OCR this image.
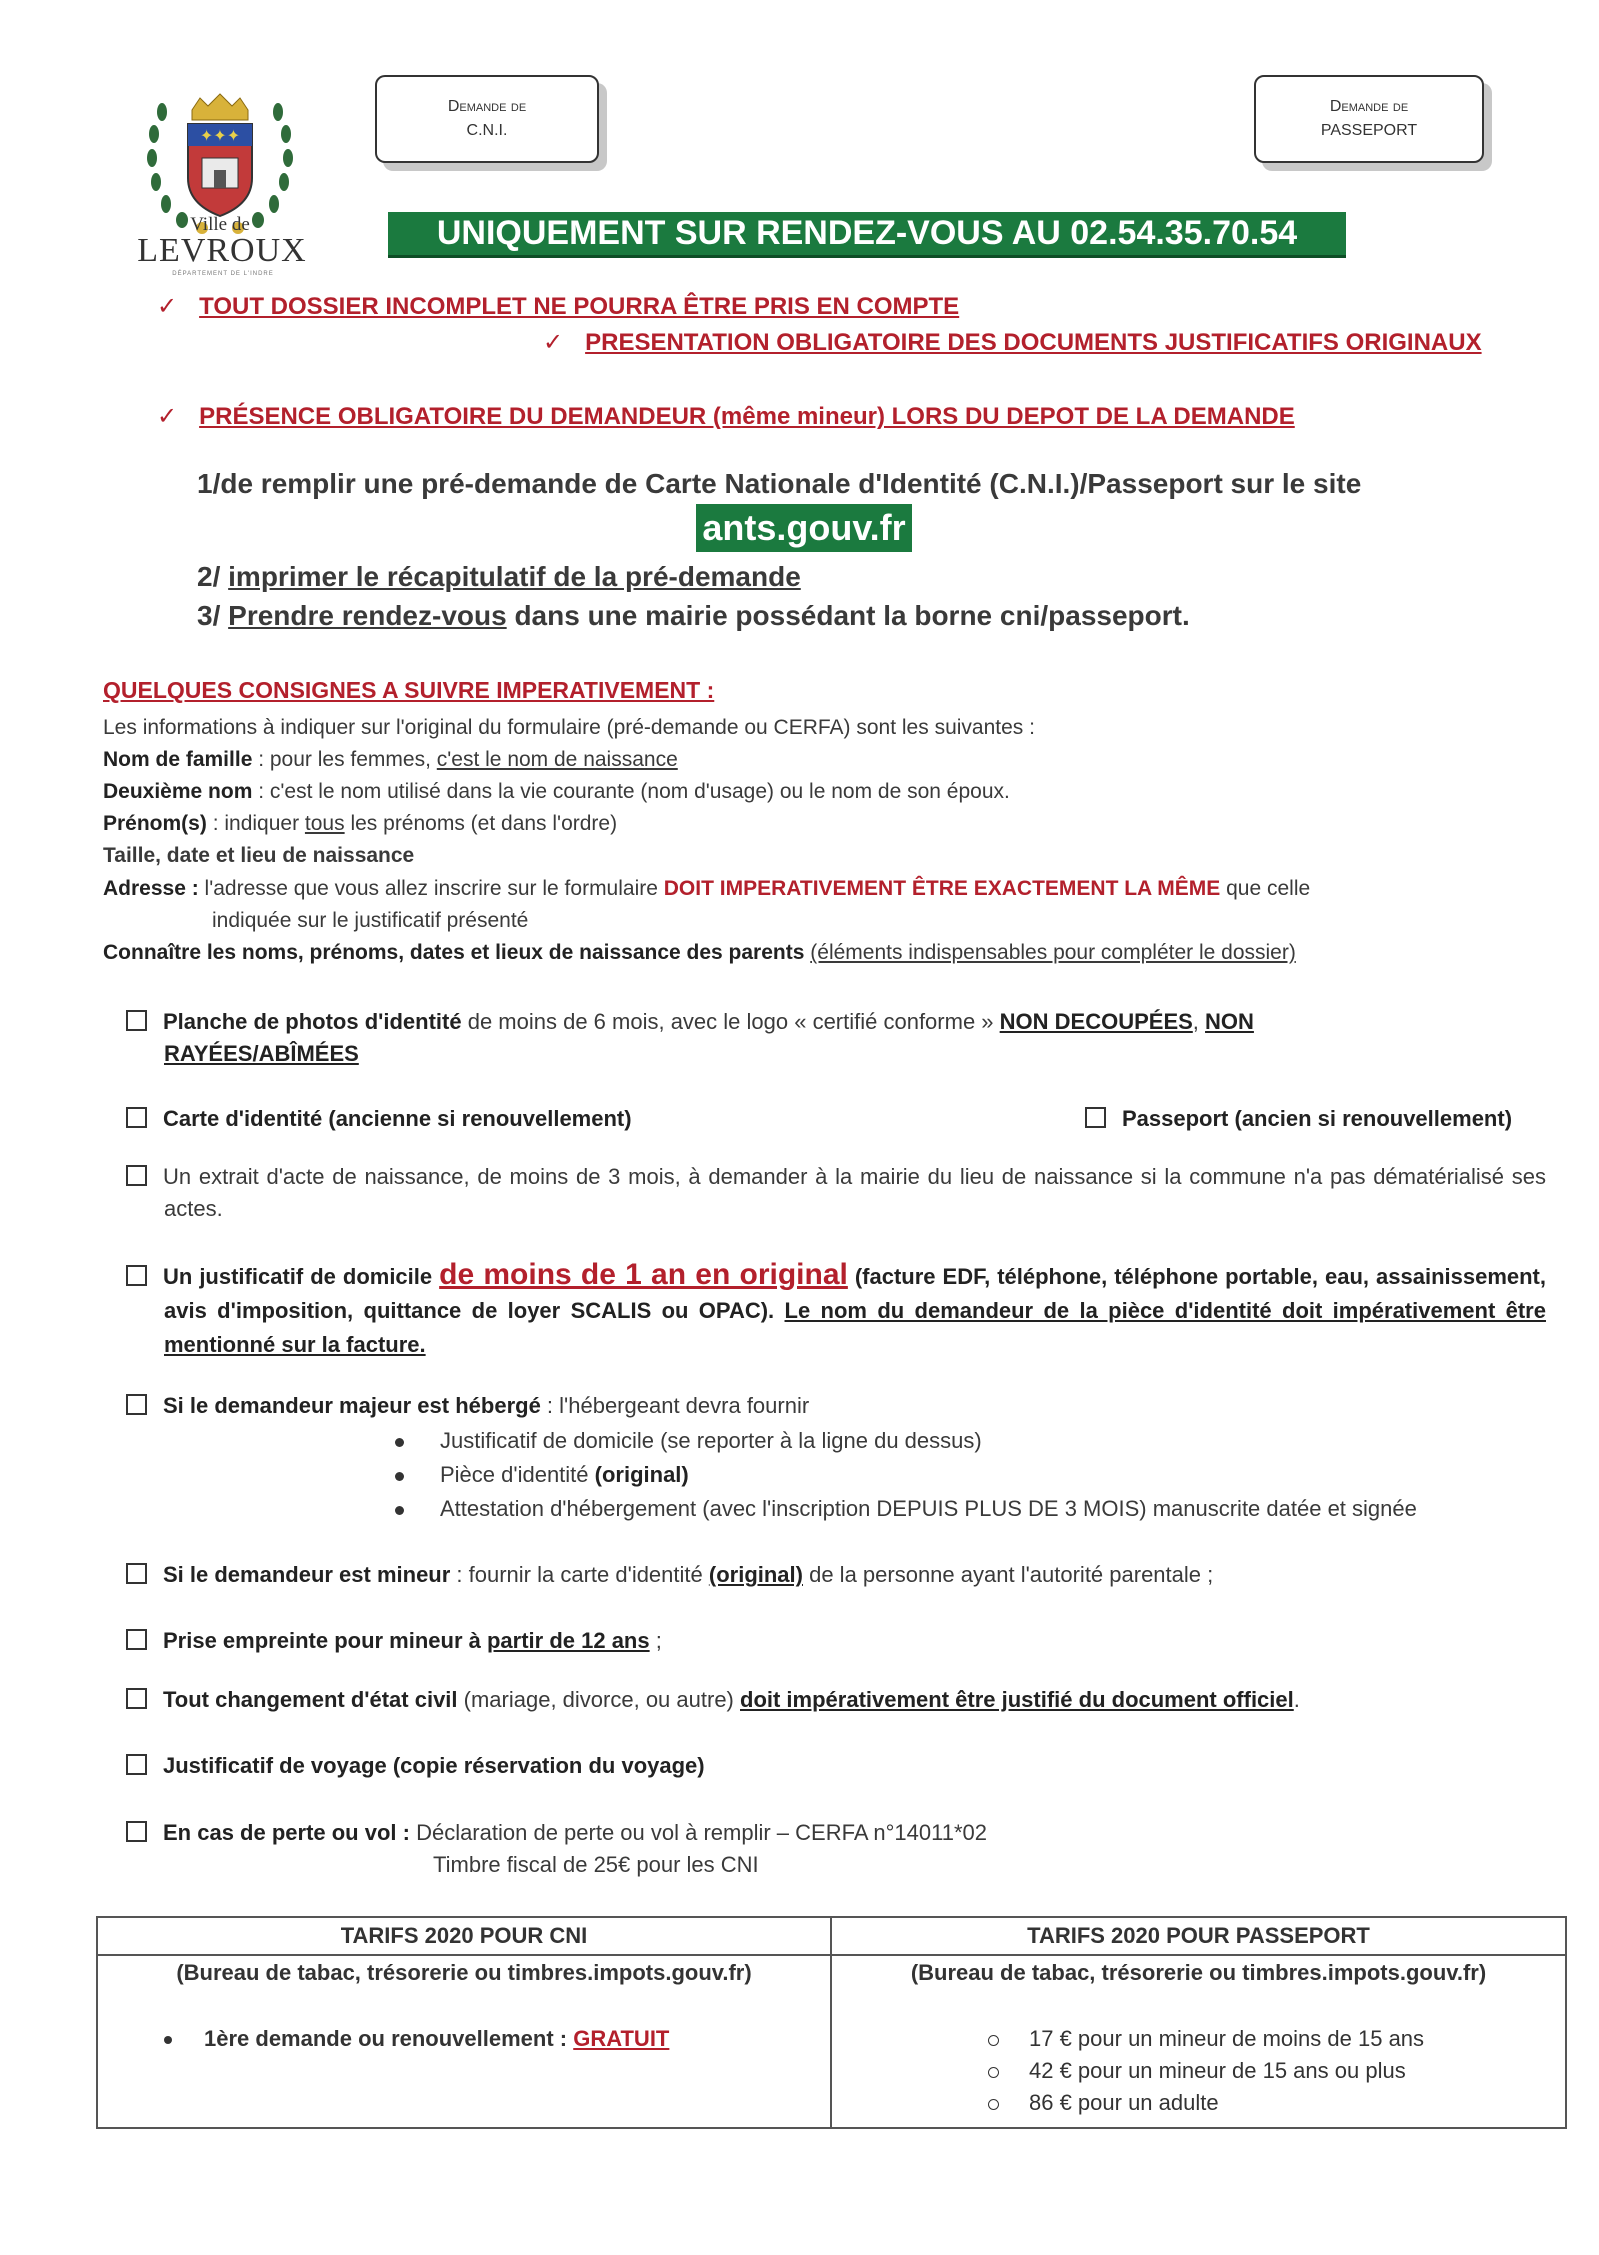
✦✦✦
Ville de
LEVROUX
DÉPARTEMENT DE L'INDRE
Demande de
C.N.I.
Demande de
PASSEPORT
UNIQUEMENT SUR RENDEZ-VOUS AU 02.54.35.70.54
✓ TOUT DOSSIER INCOMPLET NE POURRA ÊTRE PRIS EN COMPTE
✓ PRESENTATION OBLIGATOIRE DES DOCUMENTS JUSTIFICATIFS ORIGINAUX
✓ PRÉSENCE OBLIGATOIRE DU DEMANDEUR (même mineur) LORS DU DEPOT DE LA DEMANDE
1/de remplir une pré-demande de Carte Nationale d'Identité (C.N.I.)/Passeport sur le site
ants.gouv.fr
2/ imprimer le récapitulatif de la pré-demande
3/ Prendre rendez-vous dans une mairie possédant la borne cni/passeport.
QUELQUES CONSIGNES A SUIVRE IMPERATIVEMENT :
Les informations à indiquer sur l'original du formulaire (pré-demande ou CERFA) sont les suivantes :
Nom de famille : pour les femmes, c'est le nom de naissance
Deuxième nom : c'est le nom utilisé dans la vie courante (nom d'usage) ou le nom de son époux.
Prénom(s) : indiquer tous les prénoms (et dans l'ordre)
Taille, date et lieu de naissance
Adresse : l'adresse que vous allez inscrire sur le formulaire DOIT IMPERATIVEMENT ÊTRE EXACTEMENT LA MÊME que celle
indiquée sur le justificatif présenté
Connaître les noms, prénoms, dates et lieux de naissance des parents (éléments indispensables pour compléter le dossier)
Planche de photos d'identité de moins de 6 mois, avec le logo « certifié conforme » NON DECOUPÉES, NON
RAYÉES/ABÎMÉES
Carte d'identité (ancienne si renouvellement)	Passeport (ancien si renouvellement)
Un extrait d'acte de naissance, de moins de 3 mois, à demander à la mairie du lieu de naissance si la commune n'a pas dématérialisé ses actes.
Un justificatif de domicile de moins de 1 an en original (facture EDF, téléphone, téléphone portable, eau, assainissement, avis d'imposition, quittance de loyer SCALIS ou OPAC). Le nom du demandeur de la pièce d'identité doit impérativement être mentionné sur la facture.
Si le demandeur majeur est hébergé : l'hébergeant devra fournir
Justificatif de domicile (se reporter à la ligne du dessus)
Pièce d'identité (original)
Attestation d'hébergement (avec l'inscription DEPUIS PLUS DE 3 MOIS) manuscrite datée et signée
Si le demandeur est mineur : fournir la carte d'identité (original) de la personne ayant l'autorité parentale ;
Prise empreinte pour mineur à partir de 12 ans ;
Tout changement d'état civil (mariage, divorce, ou autre) doit impérativement être justifié du document officiel.
Justificatif de voyage (copie réservation du voyage)
En cas de perte ou vol : Déclaration de perte ou vol à remplir – CERFA n°14011*02
Timbre fiscal de 25€ pour les CNI
TARIFS 2020 POUR CNI
(Bureau de tabac, trésorerie ou timbres.impots.gouv.fr)
1ère demande ou renouvellement : GRATUIT
TARIFS 2020 POUR PASSEPORT
(Bureau de tabac, trésorerie ou timbres.impots.gouv.fr)
17 € pour un mineur de moins de 15 ans
42 € pour un mineur de 15 ans ou plus
86 € pour un adulte
